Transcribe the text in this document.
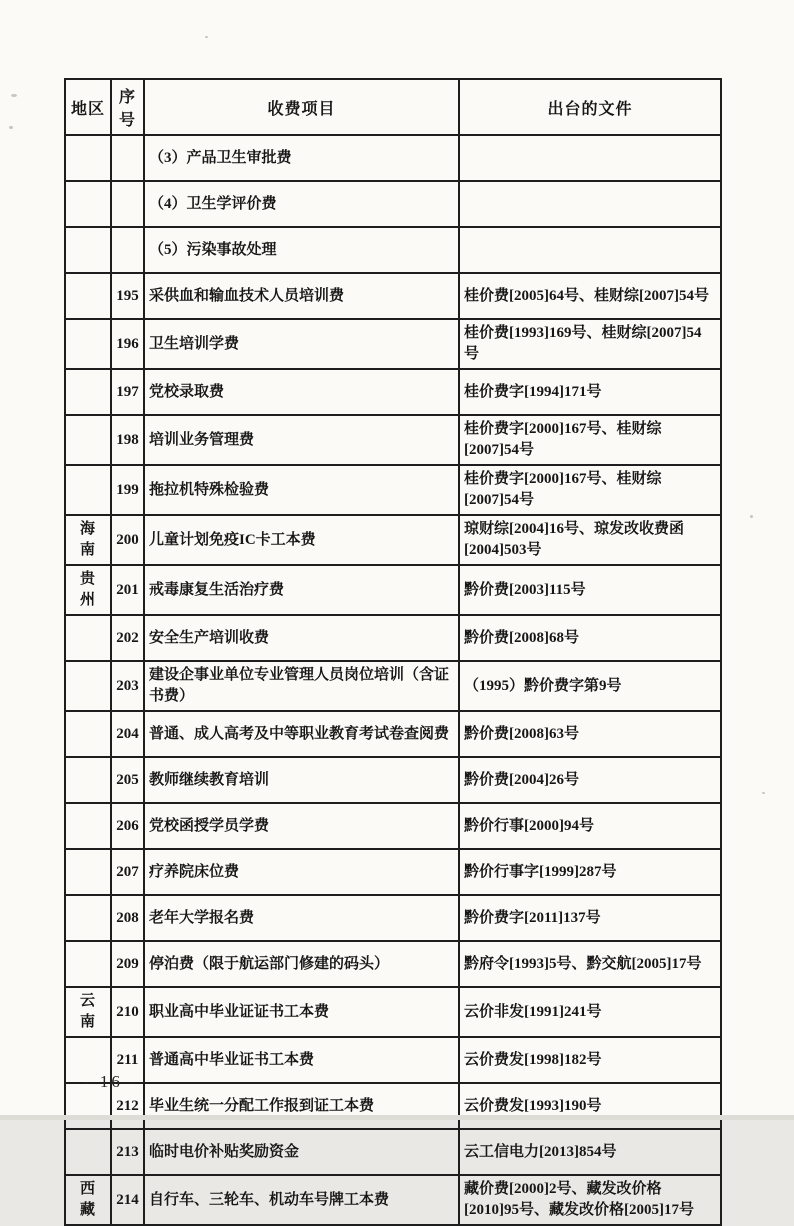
地区	序号	收费项目	出台的文件
		（3）产品卫生审批费	
		（4）卫生学评价费	
		（5）污染事故处理	
	195	采供血和输血技术人员培训费	桂价费[2005]64号、桂财综[2007]54号
	196	卫生培训学费	桂价费[1993]169号、桂财综[2007]54号
	197	党校录取费	桂价费字[1994]171号
	198	培训业务管理费	桂价费字[2000]167号、桂财综[2007]54号
	199	拖拉机特殊检验费	桂价费字[2000]167号、桂财综[2007]54号
海 南	200	儿童计划免疫IC卡工本费	琼财综[2004]16号、琼发改收费函[2004]503号
贵 州	201	戒毒康复生活治疗费	黔价费[2003]115号
	202	安全生产培训收费	黔价费[2008]68号
	203	建设企事业单位专业管理人员岗位培训（含证书费）	（1995）黔价费字第9号
	204	普通、成人高考及中等职业教育考试卷查阅费	黔价费[2008]63号
	205	教师继续教育培训	黔价费[2004]26号
	206	党校函授学员学费	黔价行事[2000]94号
	207	疗养院床位费	黔价行事字[1999]287号
	208	老年大学报名费	黔价费字[2011]137号
	209	停泊费（限于航运部门修建的码头）	黔府令[1993]5号、黔交航[2005]17号
云 南	210	职业高中毕业证证书工本费	云价非发[1991]241号
	211	普通高中毕业证书工本费	云价费发[1998]182号
	212	毕业生统一分配工作报到证工本费	云价费发[1993]190号
	213	临时电价补贴奖励资金	云工信电力[2013]854号
西 藏	214	自行车、三轮车、机动车号牌工本费	藏价费[2000]2号、藏发改价格[2010]95号、藏发改价格[2005]17号
- 16 -
